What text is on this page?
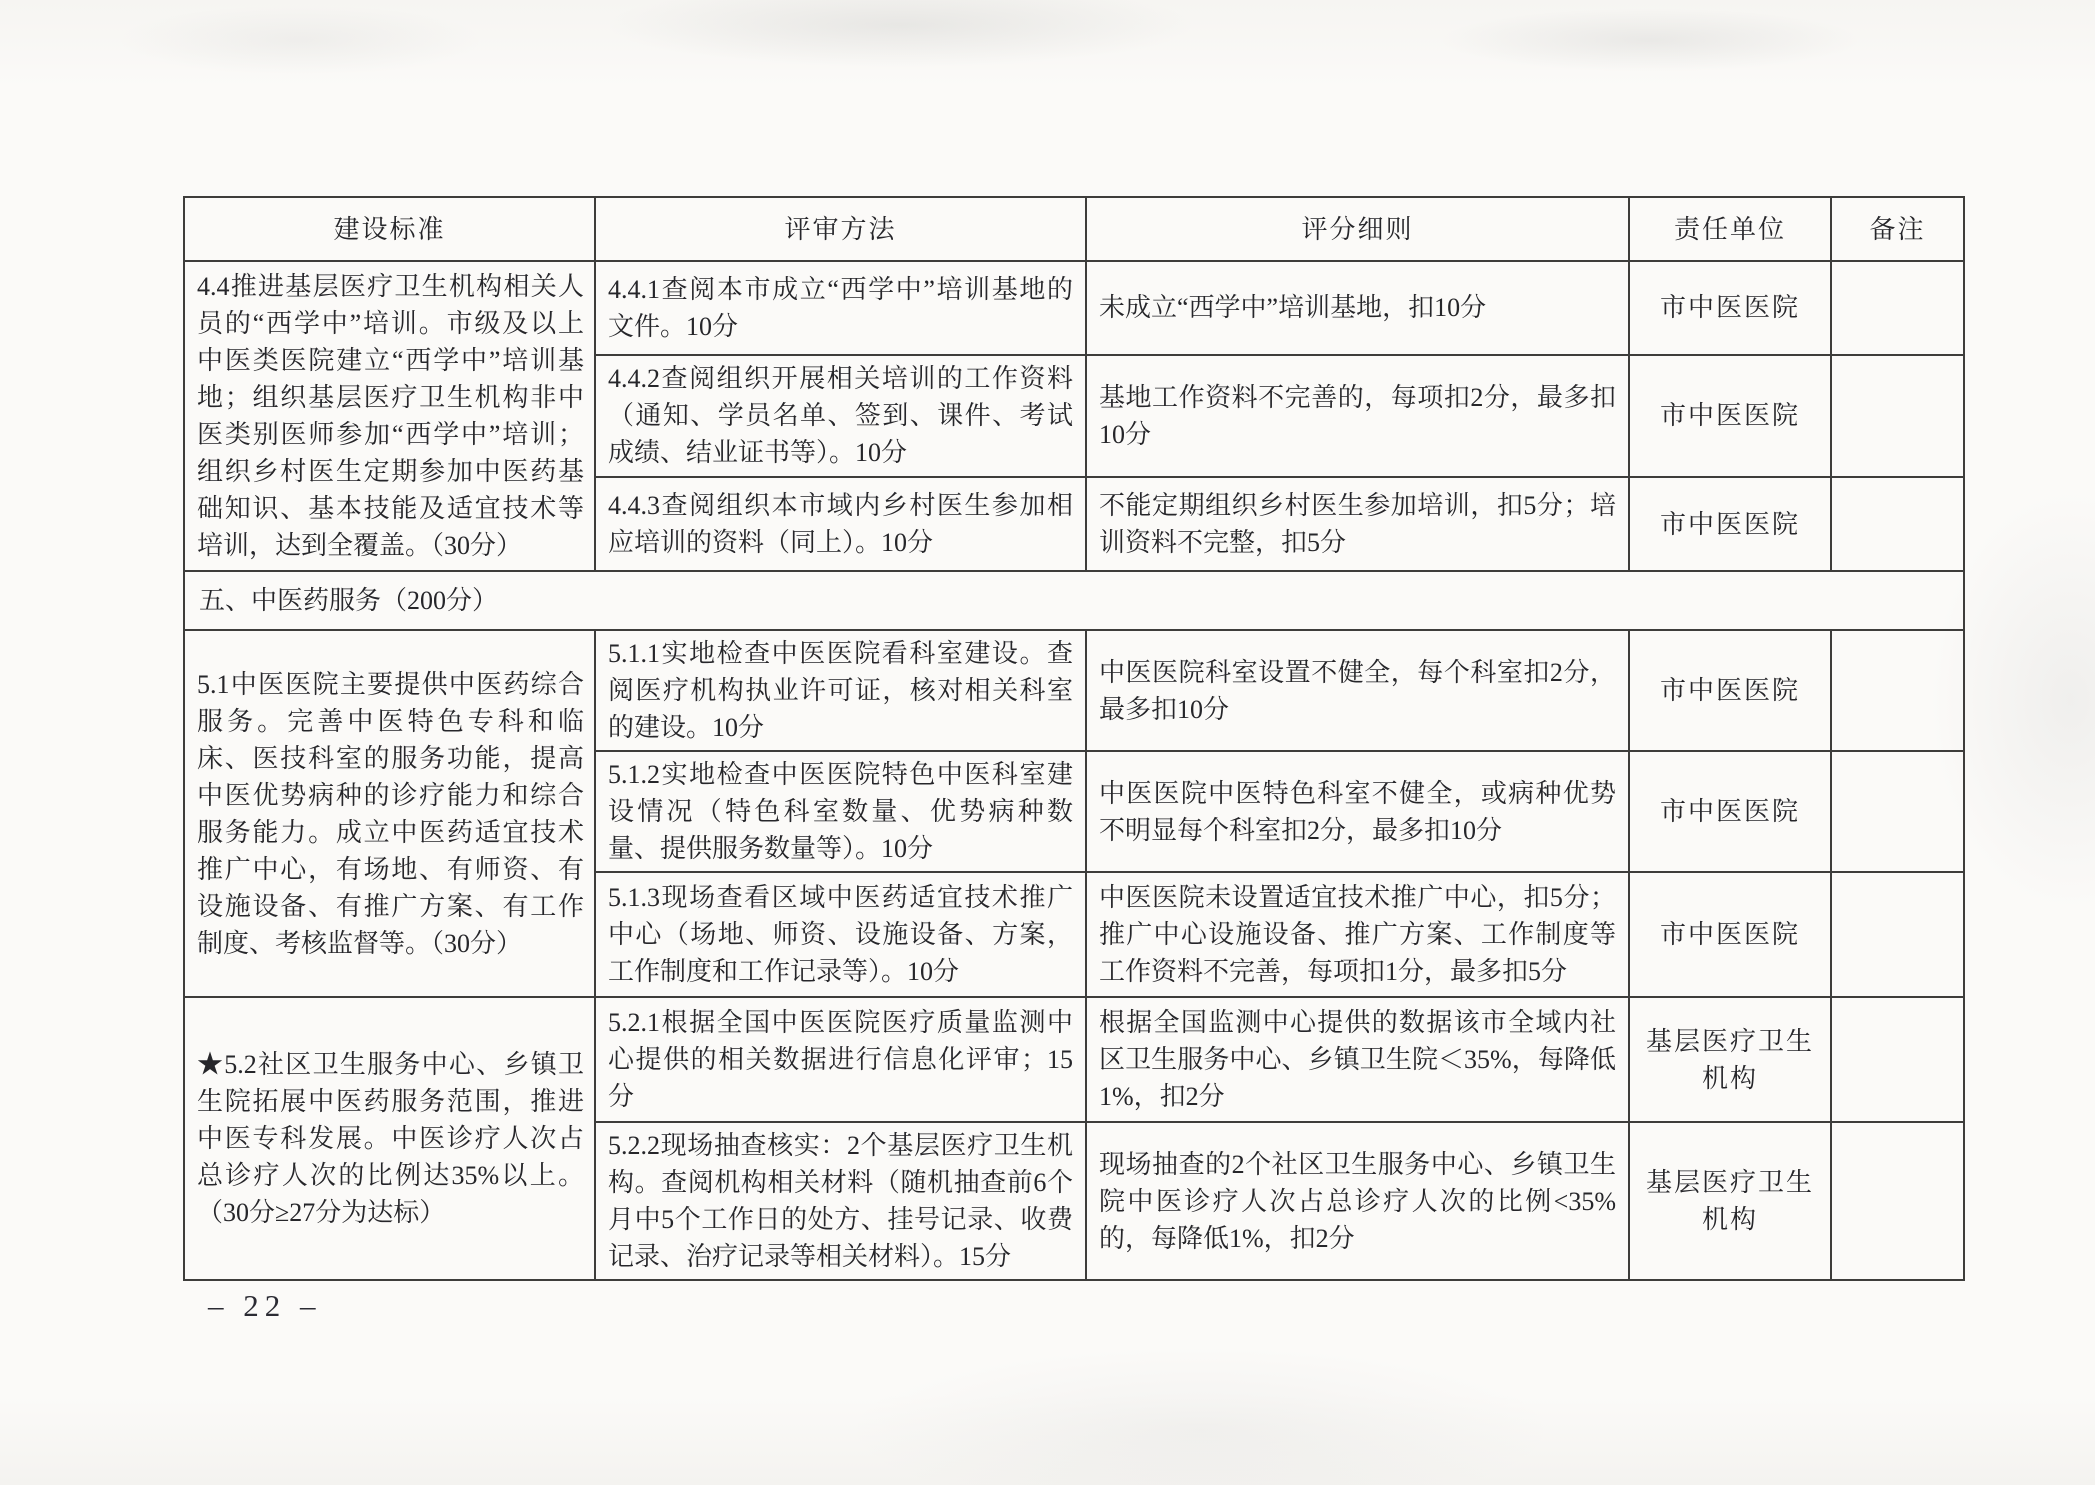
建设标准	评审方法	评分细则	责任单位	备注
4.4推进基层医疗卫生机构相关人员的“西学中”培训。市级及以上中医类医院建立“西学中”培训基地；组织基层医疗卫生机构非中医类别医师参加“西学中”培训；组织乡村医生定期参加中医药基础知识、基本技能及适宜技术等培训，达到全覆盖。（30分）	4.4.1查阅本市成立“西学中”培训基地的文件。10分	未成立“西学中”培训基地，扣10分	市中医医院	
	4.4.2查阅组织开展相关培训的工作资料（通知、学员名单、签到、课件、考试成绩、结业证书等）。10分	基地工作资料不完善的，每项扣2分，最多扣10分	市中医医院	
	4.4.3查阅组织本市域内乡村医生参加相应培训的资料（同上）。10分	不能定期组织乡村医生参加培训，扣5分；培训资料不完整，扣5分	市中医医院	
五、中医药服务（200分）				
5.1中医医院主要提供中医药综合服务。完善中医特色专科和临床、医技科室的服务功能，提高中医优势病种的诊疗能力和综合服务能力。成立中医药适宜技术推广中心，有场地、有师资、有设施设备、有推广方案、有工作制度、考核监督等。（30分）	5.1.1实地检查中医医院看科室建设。查阅医疗机构执业许可证，核对相关科室的建设。10分	中医医院科室设置不健全，每个科室扣2分，最多扣10分	市中医医院	
	5.1.2实地检查中医医院特色中医科室建设情况（特色科室数量、优势病种数量、提供服务数量等）。10分	中医医院中医特色科室不健全，或病种优势不明显每个科室扣2分，最多扣10分	市中医医院	
	5.1.3现场查看区域中医药适宜技术推广中心（场地、师资、设施设备、方案，工作制度和工作记录等）。10分	中医医院未设置适宜技术推广中心，扣5分；推广中心设施设备、推广方案、工作制度等工作资料不完善，每项扣1分，最多扣5分	市中医医院	
★5.2社区卫生服务中心、乡镇卫生院拓展中医药服务范围，推进中医专科发展。中医诊疗人次占总诊疗人次的比例达35%以上。（30分≥27分为达标）	5.2.1根据全国中医医院医疗质量监测中心提供的相关数据进行信息化评审；15分	根据全国监测中心提供的数据该市全域内社区卫生服务中心、乡镇卫生院＜35%，每降低1%，扣2分	基层医疗卫生机构	
	5.2.2现场抽查核实：2个基层医疗卫生机构。查阅机构相关材料（随机抽查前6个月中5个工作日的处方、挂号记录、收费记录、治疗记录等相关材料）。15分	现场抽查的2个社区卫生服务中心、乡镇卫生院中医诊疗人次占总诊疗人次的比例<35%的，每降低1%，扣2分	基层医疗卫生机构	
– 22 –
